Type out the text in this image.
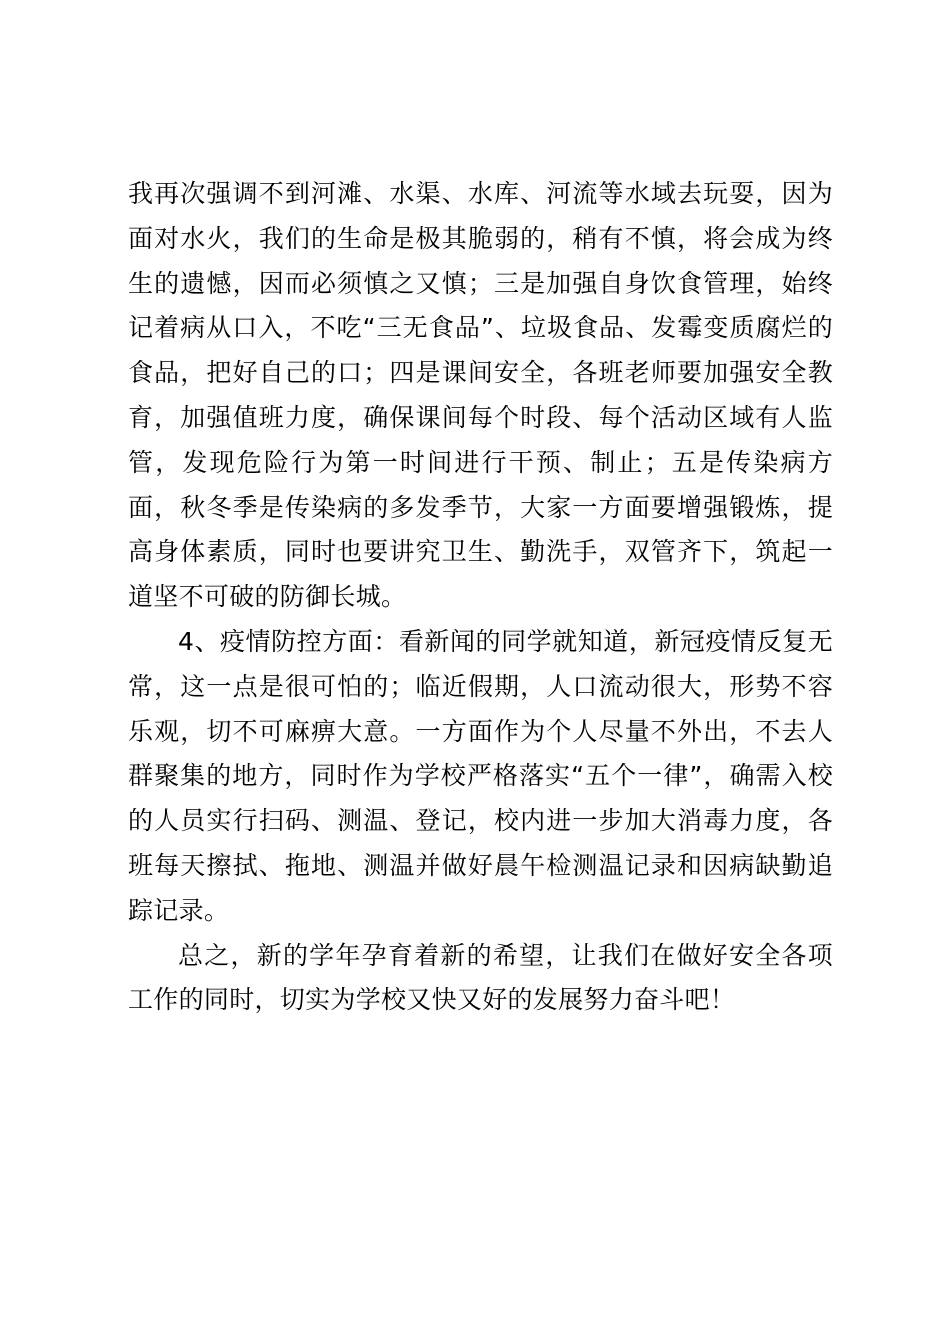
我再次强调不到河滩、水渠、水库、河流等水域去玩耍，因为面对水火，我们的生命是极其脆弱的，稍有不慎，将会成为终生的遗憾，因而必须慎之又慎；三是加强自身饮食管理，始终记着病从口入，不吃“三无食品”、垃圾食品、发霉变质腐烂的食品，把好自己的口；四是课间安全，各班老师要加强安全教育，加强值班力度，确保课间每个时段、每个活动区域有人监管，发现危险行为第一时间进行干预、制止；五是传染病方面，秋冬季是传染病的多发季节，大家一方面要增强锻炼，提高身体素质，同时也要讲究卫生、勤洗手，双管齐下，筑起一道坚不可破的防御长城。

4、疫情防控方面：看新闻的同学就知道，新冠疫情反复无常，这一点是很可怕的；临近假期，人口流动很大，形势不容乐观，切不可麻痹大意。一方面作为个人尽量不外出，不去人群聚集的地方，同时作为学校严格落实“五个一律”，确需入校的人员实行扫码、测温、登记，校内进一步加大消毒力度，各班每天擦拭、拖地、测温并做好晨午检测温记录和因病缺勤追踪记录。

总之，新的学年孕育着新的希望，让我们在做好安全各项工作的同时，切实为学校又快又好的发展努力奋斗吧！
